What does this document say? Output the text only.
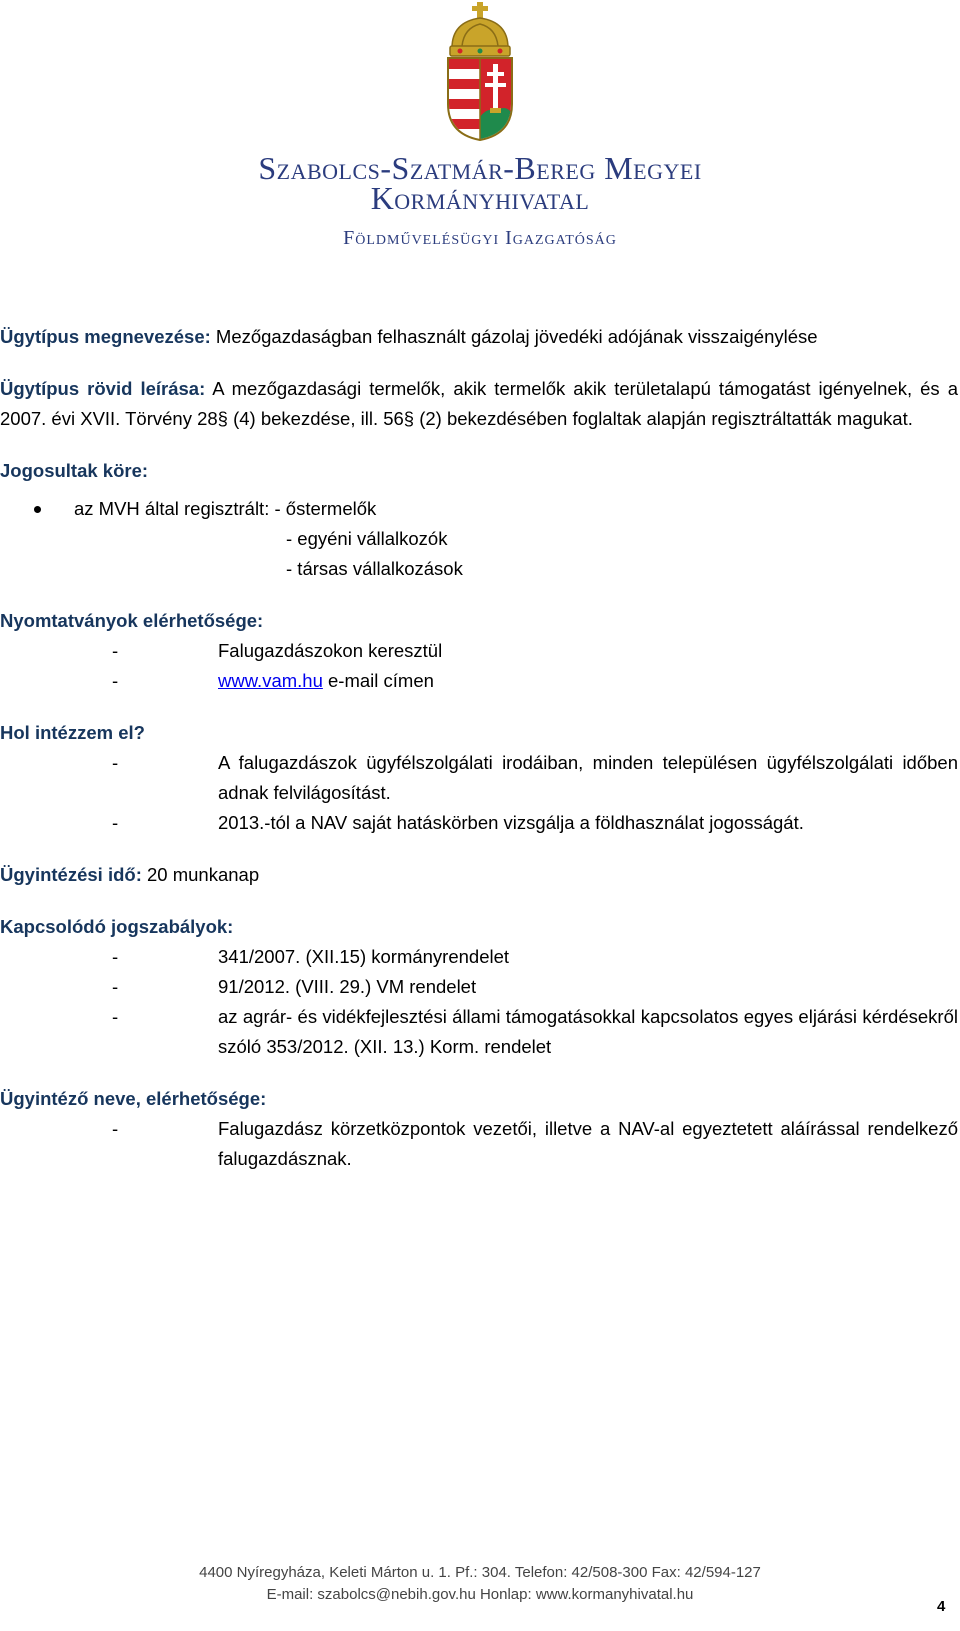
Szabolcs-Szatmár-Bereg Megyei
Kormányhivatal
Földművelésügyi Igazgatóság

Ügytípus megnevezése: Mezőgazdaságban felhasznált gázolaj jövedéki adójának visszaigénylése

Ügytípus rövid leírása: A mezőgazdasági termelők, akik termelők akik területalapú támogatást igényelnek, és a 2007. évi XVII. Törvény 28§ (4) bekezdése, ill. 56§ (2) bekezdésében foglaltak alapján regisztráltatták magukat.

Jogosultak köre:

az MVH által regisztrált: - őstermelők
- egyéni vállalkozók
- társas vállalkozások

Nyomtatványok elérhetősége:

-	Falugazdászokon keresztül
-	www.vam.hu e-mail címen

Hol intézzem el?

-	A falugazdászok ügyfélszolgálati irodáiban, minden településen ügyfélszolgálati időben adnak felvilágosítást.
-	2013.-tól a NAV saját hatáskörben vizsgálja a földhasználat jogosságát.

Ügyintézési idő: 20 munkanap

Kapcsolódó jogszabályok:

-	341/2007. (XII.15) kormányrendelet
-	91/2012. (VIII. 29.) VM rendelet
-	az agrár- és vidékfejlesztési állami támogatásokkal kapcsolatos egyes eljárási kérdésekről szóló 353/2012. (XII. 13.) Korm. rendelet

Ügyintéző neve, elérhetősége:

-	Falugazdász körzetközpontok vezetői, illetve a NAV-al egyeztetett aláírással rendelkező falugazdásznak.
4400 Nyíregyháza, Keleti Márton u. 1. Pf.: 304. Telefon: 42/508-300 Fax: 42/594-127
E-mail: szabolcs@nebih.gov.hu Honlap: www.kormanyhivatal.hu
4
